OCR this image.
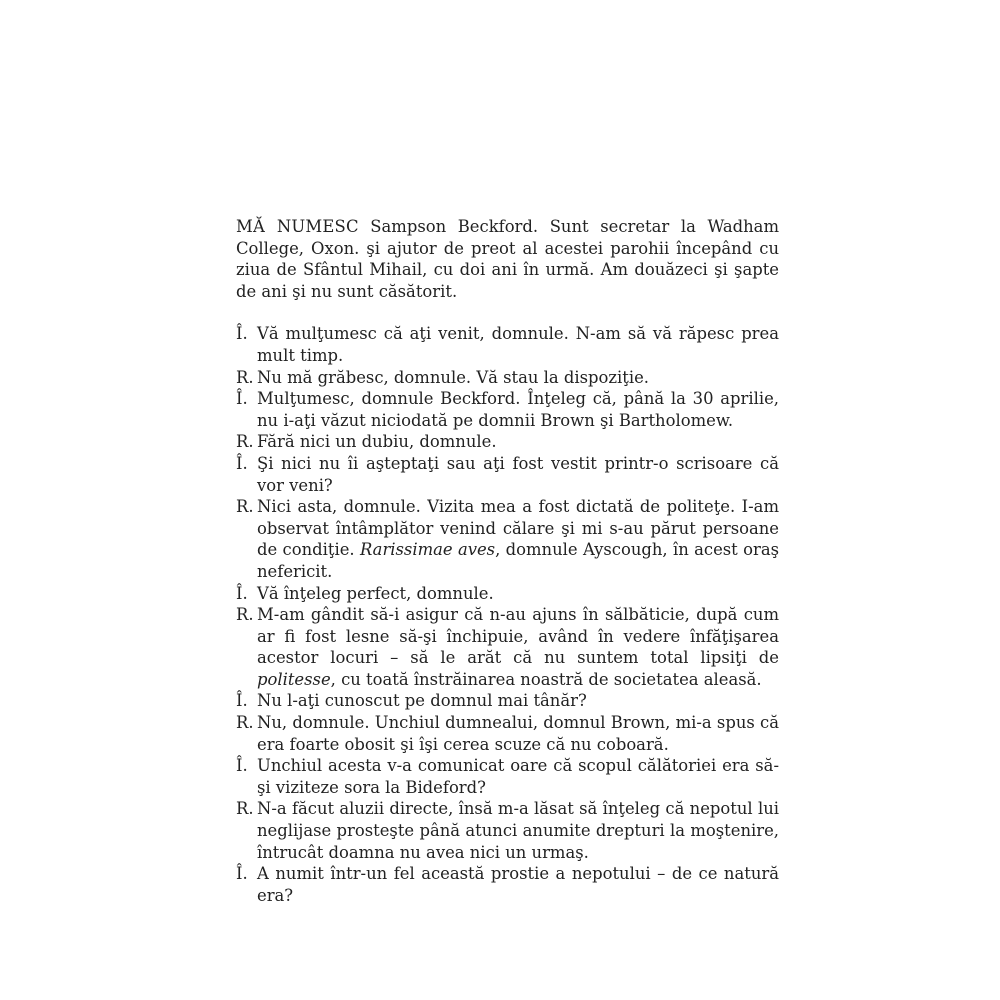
MĂ NUMESC Sampson Beckford. Sunt secretar la Wadham College, Oxon. şi ajutor de preot al acestei parohii începând cu ziua de Sfântul Mihail, cu doi ani în urmă. Am douăzeci şi şapte de ani şi nu sunt căsătorit.

Î. Vă mulţumesc că aţi venit, domnule. N-am să vă răpesc prea mult timp.
R. Nu mă grăbesc, domnule. Vă stau la dispoziţie.
Î. Mulţumesc, domnule Beckford. Înţeleg că, până la 30 aprilie, nu i-aţi văzut niciodată pe domnii Brown şi Bartholomew.
R. Fără nici un dubiu, domnule.
Î. Şi nici nu îi aşteptaţi sau aţi fost vestit printr-o scrisoare că vor veni?
R. Nici asta, domnule. Vizita mea a fost dictată de politeţe. I-am observat întâmplător venind călare şi mi s-au părut persoane de condiţie. Rarissimae aves, domnule Ayscough, în acest oraş nefericit.
Î. Vă înţeleg perfect, domnule.
R. M-am gândit să-i asigur că n-au ajuns în sălbăticie, după cum ar fi fost lesne să-şi închipuie, având în vedere înfăţişarea acestor locuri – să le arăt că nu suntem total lipsiţi de politesse, cu toată înstrăinarea noastră de societatea aleasă.
Î. Nu l-aţi cunoscut pe domnul mai tânăr?
R. Nu, domnule. Unchiul dumnealui, domnul Brown, mi-a spus că era foarte obosit şi îşi cerea scuze că nu coboară.
Î. Unchiul acesta v-a comunicat oare că scopul călătoriei era să-şi viziteze sora la Bideford?
R. N-a făcut aluzii directe, însă m-a lăsat să înţeleg că nepotul lui neglijase prosteşte până atunci anumite drepturi la moştenire, întrucât doamna nu avea nici un urmaş.
Î. A numit într-un fel această prostie a nepotului – de ce natură era?
